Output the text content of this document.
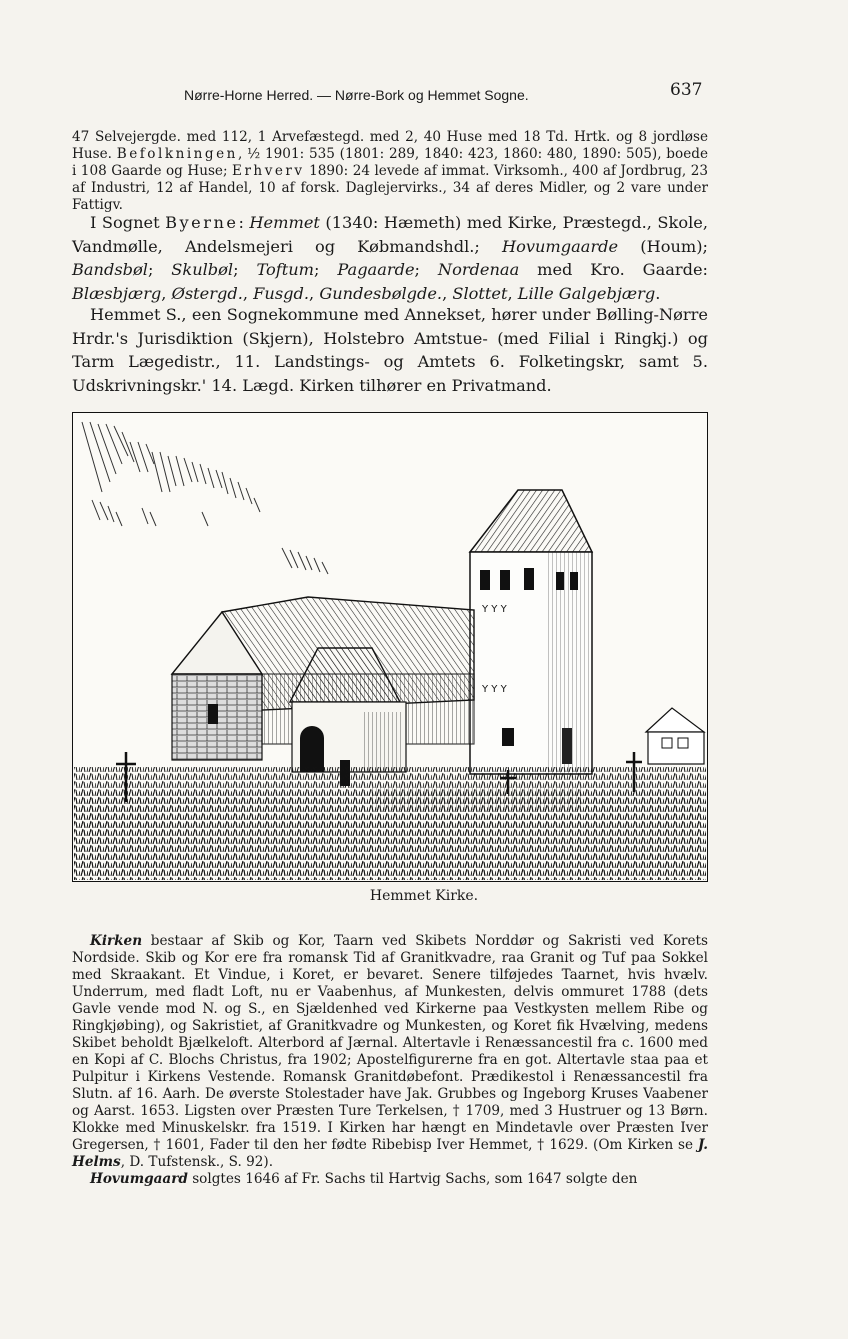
Nørre-Horne Herred. — Nørre-Bork og Hemmet Sogne.	637

47 Selvejergde. med 112, 1 Arvefæstegd. med 2, 40 Huse med 18 Td. Hrtk. og 8 jordløse Huse. Befolkningen, ½ 1901: 535 (1801: 289, 1840: 423, 1860: 480, 1890: 505), boede i 108 Gaarde og Huse; Erhverv 1890: 24 levede af immat. Virksomh., 400 af Jordbrug, 23 af Industri, 12 af Handel, 10 af forsk. Daglejervirks., 34 af deres Midler, og 2 vare under Fattigv.

I Sognet Byerne: Hemmet (1340: Hæmeth) med Kirke, Præstegd., Skole, Vandmølle, Andelsmejeri og Købmandshdl.; Hovumgaarde (Houm); Bandsbøl; Skulbøl; Toftum; Pagaarde; Nordenaa med Kro. Gaarde: Blæsbjærg, Østergd., Fusgd., Gundesbølgde., Slottet, Lille Galgebjærg.

Hemmet S., een Sognekommune med Annekset, hører under Bølling-Nørre Hrdr.'s Jurisdiktion (Skjern), Holstebro Amtstue- (med Filial i Ringkj.) og Tarm Lægedistr., 11. Landstings- og Amtets 6. Folketingskr, samt 5. Udskrivningskr.' 14. Lægd. Kirken tilhører en Privatmand.

Y Y Y
Y Y Y
Hemmet Kirke.

Kirken bestaar af Skib og Kor, Taarn ved Skibets Norddør og Sakristi ved Korets Nordside. Skib og Kor ere fra romansk Tid af Granitkvadre, raa Granit og Tuf paa Sokkel med Skraakant. Et Vindue, i Koret, er bevaret. Senere tilføjedes Taarnet, hvis hvælv. Underrum, med fladt Loft, nu er Vaabenhus, af Munkesten, delvis ommuret 1788 (dets Gavle vende mod N. og S., en Sjældenhed ved Kirkerne paa Vestkysten mellem Ribe og Ringkjøbing), og Sakristiet, af Granitkvadre og Munkesten, og Koret fik Hvælving, medens Skibet beholdt Bjælkeloft. Alterbord af Jærnal. Altertavle i Renæssancestil fra c. 1600 med en Kopi af C. Blochs Christus, fra 1902; Apostelfigurerne fra en got. Altertavle staa paa et Pulpitur i Kirkens Vestende. Romansk Granitdøbefont. Prædikestol i Renæssancestil fra Slutn. af 16. Aarh. De øverste Stolestader have Jak. Grubbes og Ingeborg Kruses Vaabener og Aarst. 1653. Ligsten over Præsten Ture Terkelsen, † 1709, med 3 Hustruer og 13 Børn. Klokke med Minuskelskr. fra 1519. I Kirken har hængt en Mindetavle over Præsten Iver Gregersen, † 1601, Fader til den her fødte Ribebisp Iver Hemmet, † 1629. (Om Kirken se J. Helms, D. Tufstensk., S. 92).
Hovumgaard solgtes 1646 af Fr. Sachs til Hartvig Sachs, som 1647 solgte den
